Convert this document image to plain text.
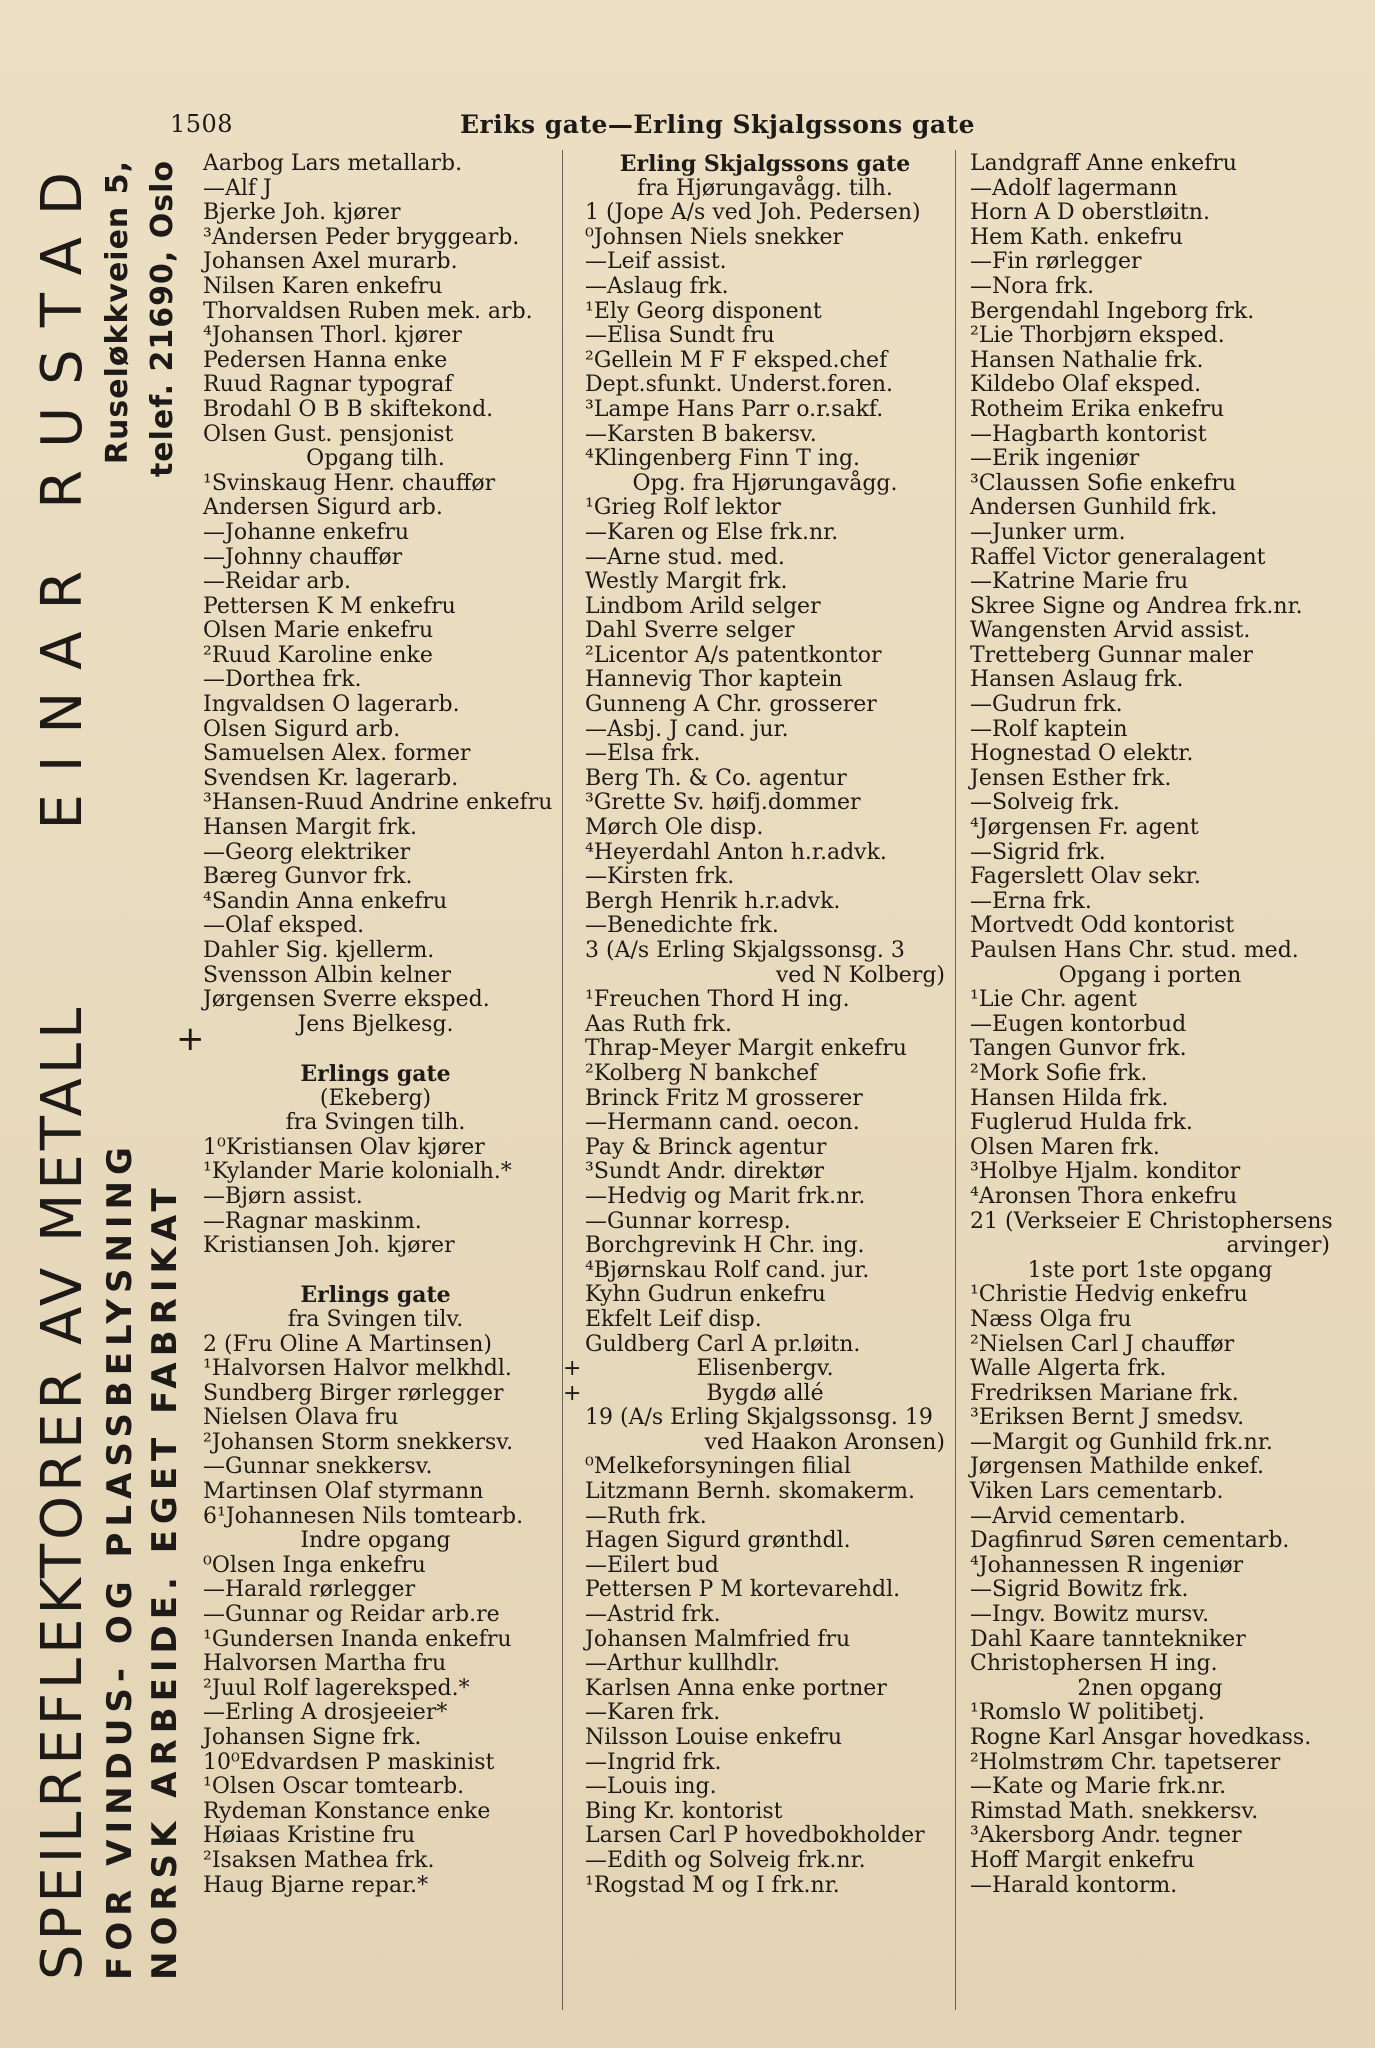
1508	Eriks gate—Erling Skjalgssons gate
SPEILREFLEKTORER AV METALL
EINAR RUSTAD
FOR VINDUS- OG PLASSBELYSNING
Ruseløkkveien 5,
NORSK ARBEIDE. EGET FABRIKAT
telef. 21690, Oslo
+
Aarbog Lars metallarb.
—Alf J
Bjerke Joh. kjører
³Andersen Peder bryggearb.
Johansen Axel murarb.
Nilsen Karen enkefru
Thorvaldsen Ruben mek. arb.
⁴Johansen Thorl. kjører
Pedersen Hanna enke
Ruud Ragnar typograf
Brodahl O B B skiftekond.
Olsen Gust. pensjonist
Opgang tilh.
¹Svinskaug Henr. chauffør
Andersen Sigurd arb.
—Johanne enkefru
—Johnny chauffør
—Reidar arb.
Pettersen K M enkefru
Olsen Marie enkefru
²Ruud Karoline enke
—Dorthea frk.
Ingvaldsen O lagerarb.
Olsen Sigurd arb.
Samuelsen Alex. former
Svendsen Kr. lagerarb.
³Hansen-Ruud Andrine enkefru
Hansen Margit frk.
—Georg elektriker
Bæreg Gunvor frk.
⁴Sandin Anna enkefru
—Olaf eksped.
Dahler Sig. kjellerm.
Svensson Albin kelner
Jørgensen Sverre eksped.
Jens Bjelkesg.
Erlings gate
(Ekeberg)
fra Svingen tilh.
1⁰Kristiansen Olav kjører
¹Kylander Marie kolonialh.*
—Bjørn assist.
—Ragnar maskinm.
Kristiansen Joh. kjører
Erlings gate
fra Svingen tilv.
2 (Fru Oline A Martinsen)
¹Halvorsen Halvor melkhdl.
Sundberg Birger rørlegger
Nielsen Olava fru
²Johansen Storm snekkersv.
—Gunnar snekkersv.
Martinsen Olaf styrmann
6¹Johannesen Nils tomtearb.
Indre opgang
⁰Olsen Inga enkefru
—Harald rørlegger
—Gunnar og Reidar arb.re
¹Gundersen Inanda enkefru
Halvorsen Martha fru
²Juul Rolf lagereksped.*
—Erling A drosjeeier*
Johansen Signe frk.
10⁰Edvardsen P maskinist
¹Olsen Oscar tomtearb.
Rydeman Konstance enke
Høiaas Kristine fru
²Isaksen Mathea frk.
Haug Bjarne repar.*
Erling Skjalgssons gate
fra Hjørungavågg. tilh.
1 (Jope A/s ved Joh. Pedersen)
⁰Johnsen Niels snekker
—Leif assist.
—Aslaug frk.
¹Ely Georg disponent
—Elisa Sundt fru
²Gellein M F F eksped.chef
Dept.sfunkt. Underst.foren.
³Lampe Hans Parr o.r.sakf.
—Karsten B bakersv.
⁴Klingenberg Finn T ing.
Opg. fra Hjørungavågg.
¹Grieg Rolf lektor
—Karen og Else frk.nr.
—Arne stud. med.
Westly Margit frk.
Lindbom Arild selger
Dahl Sverre selger
²Licentor A/s patentkontor
Hannevig Thor kaptein
Gunneng A Chr. grosserer
—Asbj. J cand. jur.
—Elsa frk.
Berg Th. & Co. agentur
³Grette Sv. høifj.dommer
Mørch Ole disp.
⁴Heyerdahl Anton h.r.advk.
—Kirsten frk.
Bergh Henrik h.r.advk.
—Benedichte frk.
3 (A/s Erling Skjalgssonsg. 3
ved N Kolberg)
¹Freuchen Thord H ing.
Aas Ruth frk.
Thrap-Meyer Margit enkefru
²Kolberg N bankchef
Brinck Fritz M grosserer
—Hermann cand. oecon.
Pay & Brinck agentur
³Sundt Andr. direktør
—Hedvig og Marit frk.nr.
—Gunnar korresp.
Borchgrevink H Chr. ing.
⁴Bjørnskau Rolf cand. jur.
Kyhn Gudrun enkefru
Ekfelt Leif disp.
Guldberg Carl A pr.løitn.
Elisenbergv.
+
Bygdø allé
+
19 (A/s Erling Skjalgssonsg. 19
ved Haakon Aronsen)
⁰Melkeforsyningen filial
Litzmann Bernh. skomakerm.
—Ruth frk.
Hagen Sigurd grønthdl.
—Eilert bud
Pettersen P M kortevarehdl.
—Astrid frk.
Johansen Malmfried fru
—Arthur kullhdlr.
Karlsen Anna enke portner
—Karen frk.
Nilsson Louise enkefru
—Ingrid frk.
—Louis ing.
Bing Kr. kontorist
Larsen Carl P hovedbokholder
—Edith og Solveig frk.nr.
¹Rogstad M og I frk.nr.
Landgraff Anne enkefru
—Adolf lagermann
Horn A D oberstløitn.
Hem Kath. enkefru
—Fin rørlegger
—Nora frk.
Bergendahl Ingeborg frk.
²Lie Thorbjørn eksped.
Hansen Nathalie frk.
Kildebo Olaf eksped.
Rotheim Erika enkefru
—Hagbarth kontorist
—Erik ingeniør
³Claussen Sofie enkefru
Andersen Gunhild frk.
—Junker urm.
Raffel Victor generalagent
—Katrine Marie fru
Skree Signe og Andrea frk.nr.
Wangensten Arvid assist.
Tretteberg Gunnar maler
Hansen Aslaug frk.
—Gudrun frk.
—Rolf kaptein
Hognestad O elektr.
Jensen Esther frk.
—Solveig frk.
⁴Jørgensen Fr. agent
—Sigrid frk.
Fagerslett Olav sekr.
—Erna frk.
Mortvedt Odd kontorist
Paulsen Hans Chr. stud. med.
Opgang i porten
¹Lie Chr. agent
—Eugen kontorbud
Tangen Gunvor frk.
²Mork Sofie frk.
Hansen Hilda frk.
Fuglerud Hulda frk.
Olsen Maren frk.
³Holbye Hjalm. konditor
⁴Aronsen Thora enkefru
21 (Verkseier E Christophersens
arvinger)
1ste port 1ste opgang
¹Christie Hedvig enkefru
Næss Olga fru
²Nielsen Carl J chauffør
Walle Algerta frk.
Fredriksen Mariane frk.
³Eriksen Bernt J smedsv.
—Margit og Gunhild frk.nr.
Jørgensen Mathilde enkef.
Viken Lars cementarb.
—Arvid cementarb.
Dagfinrud Søren cementarb.
⁴Johannessen R ingeniør
—Sigrid Bowitz frk.
—Ingv. Bowitz mursv.
Dahl Kaare tanntekniker
Christophersen H ing.
2nen opgang
¹Romslo W politibetj.
Rogne Karl Ansgar hovedkass.
²Holmstrøm Chr. tapetserer
—Kate og Marie frk.nr.
Rimstad Math. snekkersv.
³Akersborg Andr. tegner
Hoff Margit enkefru
—Harald kontorm.
